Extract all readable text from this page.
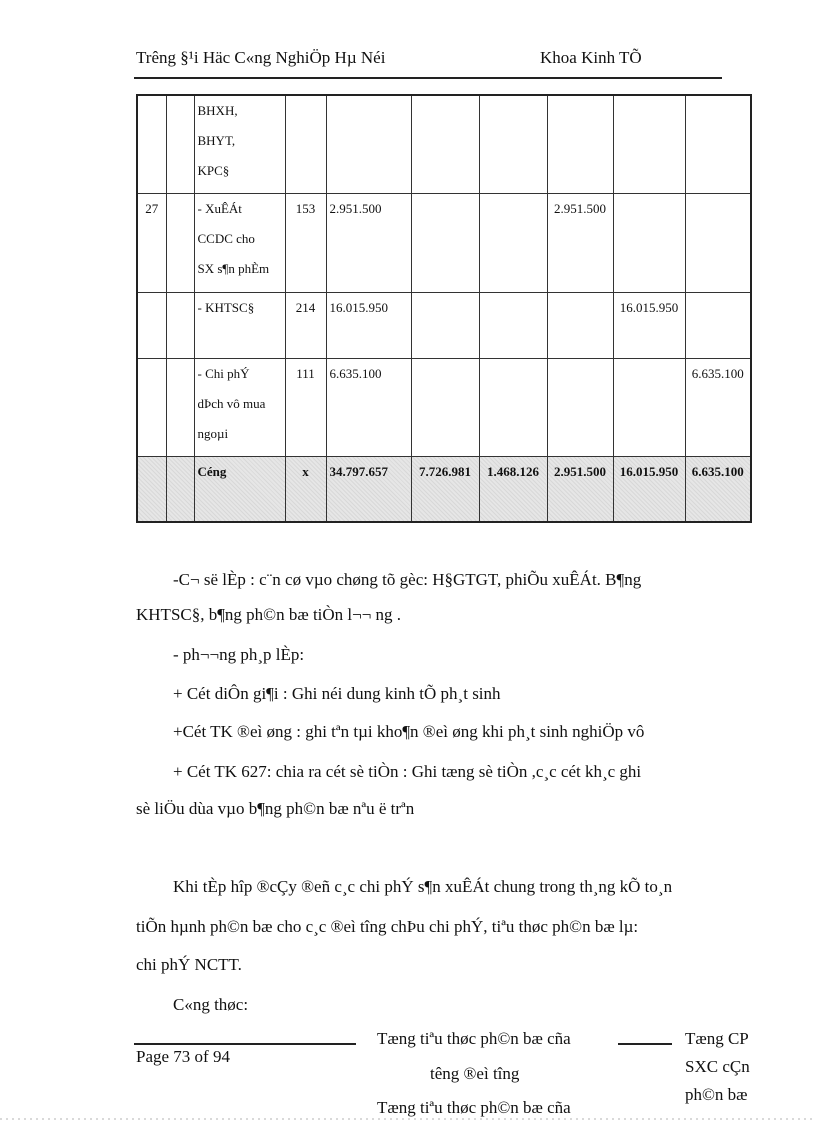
Trêng §¹i Häc C«ng NghiÖp Hµ Néi	Khoa Kinh TÕ

		BHXH,
BHYT,
KPC§							

27		- XuÊÁt
CCDC cho
SX s¶n phÈm	153	2.951.500			2.951.500		

		- KHTSC§	214	16.015.950				16.015.950	

		- Chi phÝ
dÞch vô mua
ngoµi	111	6.635.100					6.635.100
		Céng	x	34.797.657	7.726.981	1.468.126	2.951.500	16.015.950	6.635.100
-C¬ së lÈp : c¨n cø vµo chøng tõ gèc: H§GTGT, phiÕu xuÊÁt. B¶ng
KHTSC§, b¶ng ph©n bæ tiÒn l¬¬ ng .
- ph¬¬ng ph¸p lÈp:
+ Cét diÔn gi¶i : Ghi néi dung kinh tÕ ph¸t sinh
+Cét TK ®eì øng : ghi tªn tµi kho¶n ®eì øng khi ph¸t sinh nghiÖp vô
+ Cét TK 627: chia ra cét sè tiÒn : Ghi tæng sè tiÒn ,c¸c cét kh¸c ghi
sè liÖu dùa vµo b¶ng ph©n bæ nªu ë trªn
Khi tÈp hîp ®cÇy ®eñ c¸c chi phÝ s¶n xuÊÁt chung trong th¸ng kÕ to¸n
tiÕn hµnh ph©n bæ cho c¸c ®eì tîng chÞu chi phÝ, tiªu thøc ph©n bæ lµ:
chi phÝ NCTT.
C«ng thøc:
Page 73 of 94
Tæng tiªu thøc ph©n bæ cña
têng ®eì tîng
Tæng tiªu thøc ph©n bæ cña
Tæng CP
SXC cÇn
ph©n bæ
